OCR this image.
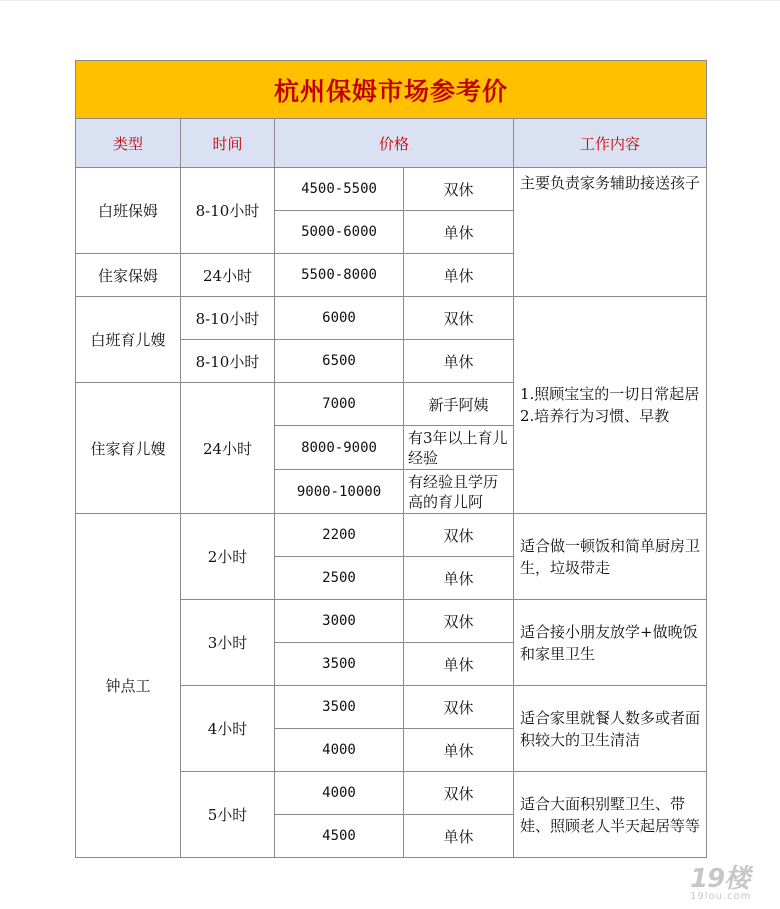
杭州保姆市场参考价				
类型	时间	价格		工作内容
白班保姆	8-10小时	4500-5500	双休	主要负责家务辅助接送孩子
		5000-6000	单休	
住家保姆	24小时	5500-8000	单休	
白班育儿嫂	8-10小时	6000	双休	1.照顾宝宝的一切日常起居2.培养行为习惯、早教
	8-10小时	6500	单休	
住家育儿嫂	24小时	7000	新手阿姨	
		8000-9000	有3年以上育儿经验	
		9000-10000	有经验且学历高的育儿阿	
钟点工	2小时	2200	双休	适合做一顿饭和简单厨房卫生，垃圾带走
		2500	单休	
	3小时	3000	双休	适合接小朋友放学+做晚饭和家里卫生
		3500	单休	
	4小时	3500	双休	适合家里就餐人数多或者面积较大的卫生清洁
		4000	单休	
	5小时	4000	双休	适合大面积别墅卫生、带娃、照顾老人半天起居等等
		4500	单休	
19楼
19lou.com
